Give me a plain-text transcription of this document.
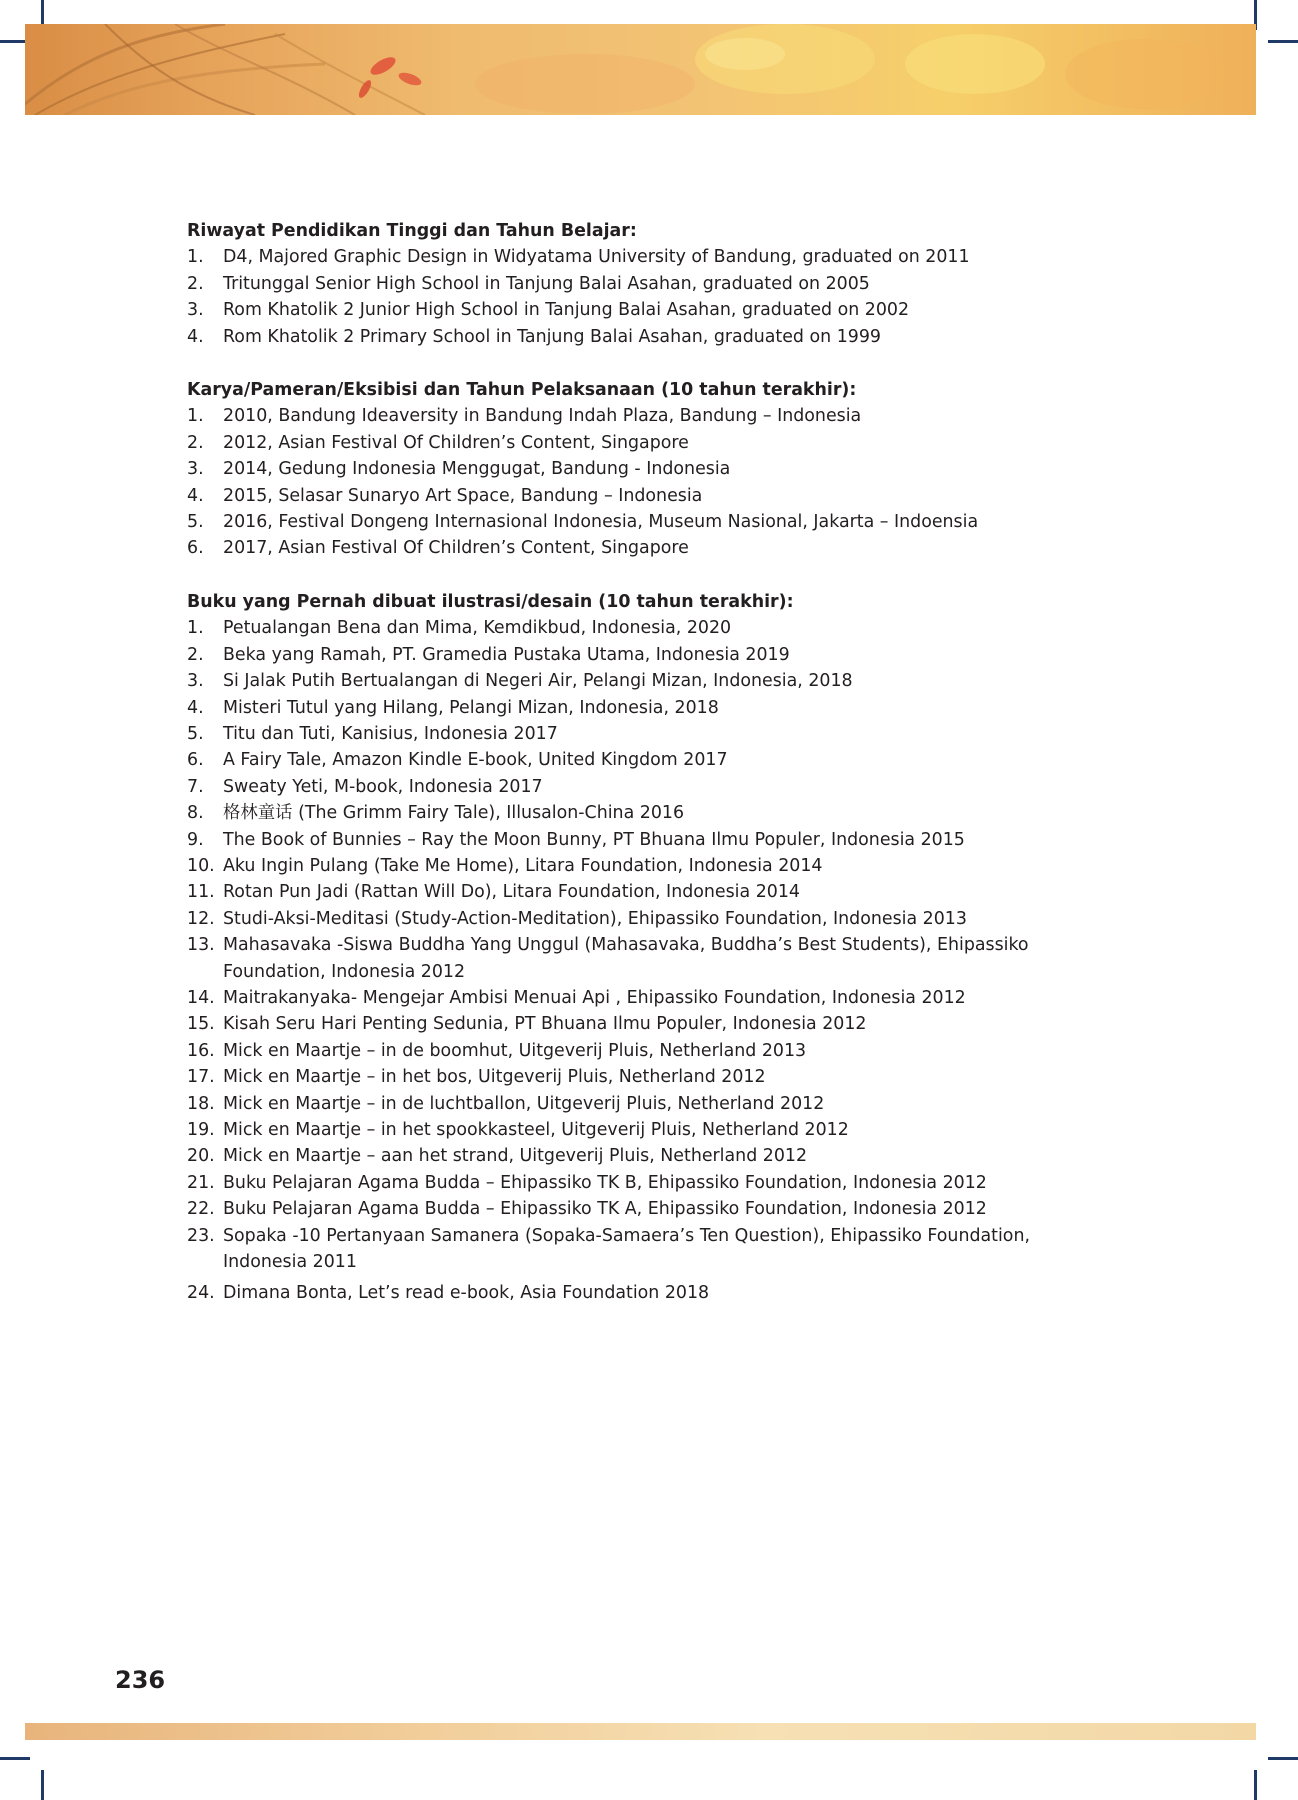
Riwayat Pendidikan Tinggi dan Tahun Belajar:

1.	D4, Majored Graphic Design in Widyatama University of Bandung, graduated on 2011
2.	Tritunggal Senior High School in Tanjung Balai Asahan, graduated on 2005
3.	Rom Khatolik 2 Junior High School in Tanjung Balai Asahan, graduated on 2002
4.	Rom Khatolik 2 Primary School in Tanjung Balai Asahan, graduated on 1999

Karya/Pameran/Eksibisi dan Tahun Pelaksanaan (10 tahun terakhir):

1.	2010, Bandung Ideaversity in Bandung Indah Plaza, Bandung – Indonesia
2.	2012, Asian Festival Of Children’s Content, Singapore
3.	2014, Gedung Indonesia Menggugat, Bandung - Indonesia
4.	2015, Selasar Sunaryo Art Space, Bandung – Indonesia
5.	2016, Festival Dongeng Internasional Indonesia, Museum Nasional, Jakarta – Indoensia
6.	2017, Asian Festival Of Children’s Content, Singapore

Buku yang Pernah dibuat ilustrasi/desain (10 tahun terakhir):

1.	Petualangan Bena dan Mima, Kemdikbud, Indonesia, 2020
2.	Beka yang Ramah, PT. Gramedia Pustaka Utama, Indonesia 2019
3.	Si Jalak Putih Bertualangan di Negeri Air, Pelangi Mizan, Indonesia, 2018
4.	Misteri Tutul yang Hilang, Pelangi Mizan, Indonesia, 2018
5.	Titu dan Tuti, Kanisius, Indonesia 2017
6.	A Fairy Tale, Amazon Kindle E-book, United Kingdom 2017
7.	Sweaty Yeti, M-book, Indonesia 2017
8.	格林童话 (The Grimm Fairy Tale), Illusalon-China 2016
9.	The Book of Bunnies – Ray the Moon Bunny, PT Bhuana Ilmu Populer, Indonesia 2015
10. Aku Ingin Pulang (Take Me Home), Litara Foundation, Indonesia 2014
11. Rotan Pun Jadi (Rattan Will Do), Litara Foundation, Indonesia 2014
12. Studi-Aksi-Meditasi (Study-Action-Meditation), Ehipassiko Foundation, Indonesia 2013
13. Mahasavaka -Siswa Buddha Yang Unggul (Mahasavaka, Buddha’s Best Students), Ehipassiko Foundation, Indonesia 2012
14. Maitrakanyaka- Mengejar Ambisi Menuai Api , Ehipassiko Foundation, Indonesia 2012
15. Kisah Seru Hari Penting Sedunia, PT Bhuana Ilmu Populer, Indonesia 2012
16. Mick en Maartje – in de boomhut, Uitgeverij Pluis, Netherland 2013
17. Mick en Maartje – in het bos, Uitgeverij Pluis, Netherland 2012
18. Mick en Maartje – in de luchtballon, Uitgeverij Pluis, Netherland 2012
19. Mick en Maartje – in het spookkasteel, Uitgeverij Pluis, Netherland 2012
20. Mick en Maartje – aan het strand, Uitgeverij Pluis, Netherland 2012
21. Buku Pelajaran Agama Budda – Ehipassiko TK B, Ehipassiko Foundation, Indonesia 2012
22. Buku Pelajaran Agama Budda – Ehipassiko TK A, Ehipassiko Foundation, Indonesia 2012
23. Sopaka -10 Pertanyaan Samanera (Sopaka-Samaera’s Ten Question), Ehipassiko Foundation, Indonesia 2011
24. Dimana Bonta, Let’s read e-book, Asia Foundation 2018
236
